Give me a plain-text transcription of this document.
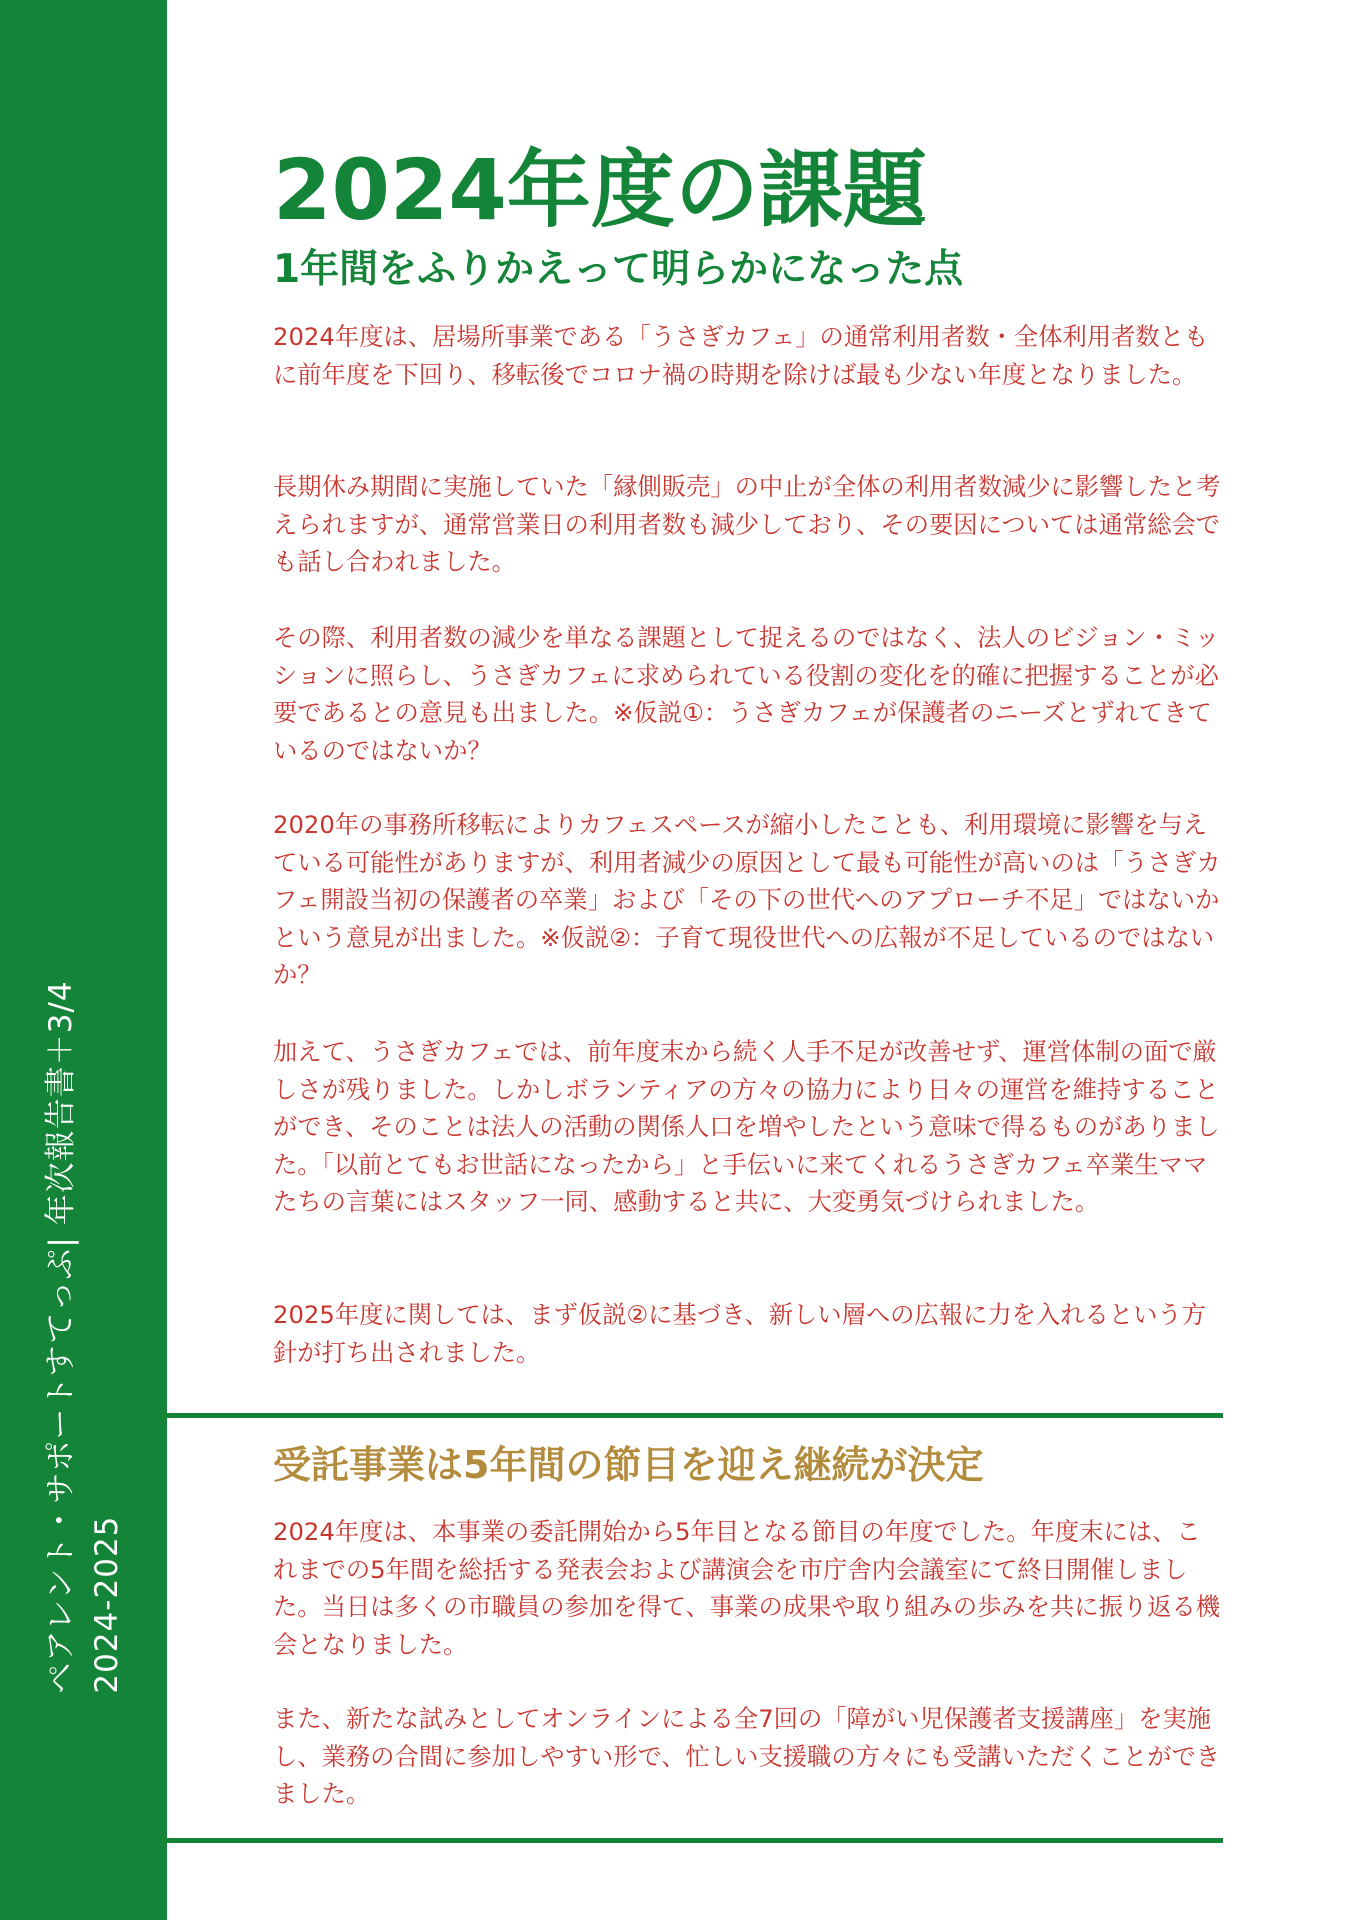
ペアレント・サポートすてっぷ| 年次報告書＋3/4 2024-2025
2024年度の課題
1年間をふりかえって明らかになった点

2024年度は、居場所事業である「うさぎカフェ」の通常利用者数・全体利用者数ともに前年度を下回り、移転後でコロナ禍の時期を除けば最も少ない年度となりました。

長期休み期間に実施していた「縁側販売」の中止が全体の利用者数減少に影響したと考えられますが、通常営業日の利用者数も減少しており、その要因については通常総会でも話し合われました。

その際、利用者数の減少を単なる課題として捉えるのではなく、法人のビジョン・ミッションに照らし、うさぎカフェに求められている役割の変化を的確に把握することが必要であるとの意見も出ました。※仮説①：うさぎカフェが保護者のニーズとずれてきているのではないか？

2020年の事務所移転によりカフェスペースが縮小したことも、利用環境に影響を与えている可能性がありますが、利用者減少の原因として最も可能性が高いのは「うさぎカフェ開設当初の保護者の卒業」および「その下の世代へのアプローチ不足」ではないかという意見が出ました。※仮説②：子育て現役世代への広報が不足しているのではないか？

加えて、うさぎカフェでは、前年度末から続く人手不足が改善せず、運営体制の面で厳しさが残りました。しかしボランティアの方々の協力により日々の運営を維持することができ、そのことは法人の活動の関係人口を増やしたという意味で得るものがありました。「以前とてもお世話になったから」と手伝いに来てくれるうさぎカフェ卒業生ママたちの言葉にはスタッフ一同、感動すると共に、大変勇気づけられました。

2025年度に関しては、まず仮説②に基づき、新しい層への広報に力を入れるという方針が打ち出されました。

受託事業は5年間の節目を迎え継続が決定

2024年度は、本事業の委託開始から5年目となる節目の年度でした。年度末には、これまでの5年間を総括する発表会および講演会を市庁舎内会議室にて終日開催しました。当日は多くの市職員の参加を得て、事業の成果や取り組みの歩みを共に振り返る機会となりました。

また、新たな試みとしてオンラインによる全7回の「障がい児保護者支援講座」を実施し、業務の合間に参加しやすい形で、忙しい支援職の方々にも受講いただくことができました。
